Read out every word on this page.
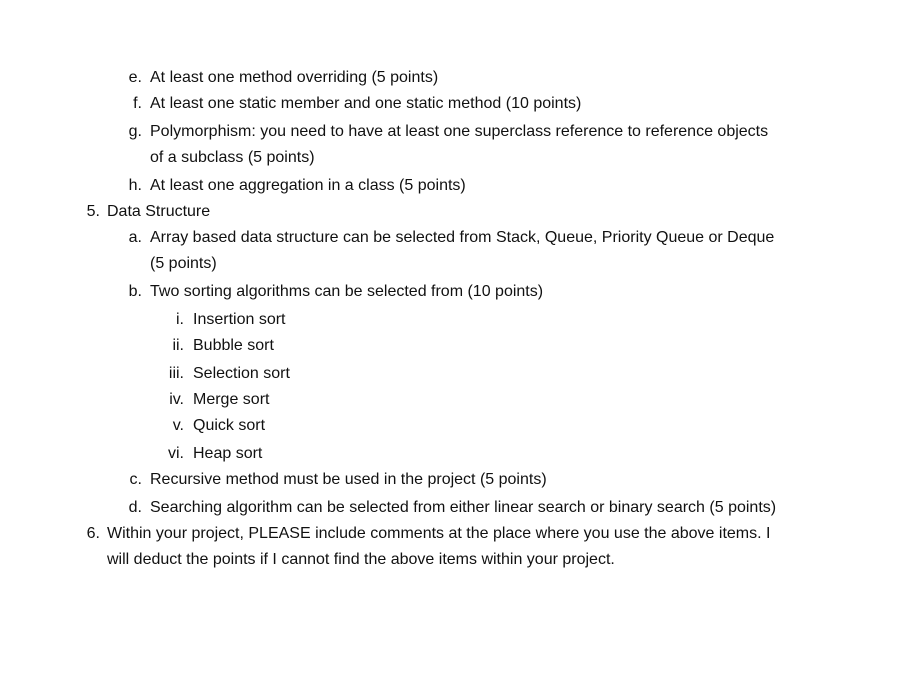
e. At least one method overriding (5 points)
f. At least one static member and one static method (10 points)
g. Polymorphism: you need to have at least one superclass reference to reference objects
of a subclass (5 points)
h. At least one aggregation in a class (5 points)
5. Data Structure
a. Array based data structure can be selected from Stack, Queue, Priority Queue or Deque
(5 points)
b. Two sorting algorithms can be selected from (10 points)
i. Insertion sort
ii. Bubble sort
iii. Selection sort
iv. Merge sort
v. Quick sort
vi. Heap sort
c. Recursive method must be used in the project (5 points)
d. Searching algorithm can be selected from either linear search or binary search (5 points)
6. Within your project, PLEASE include comments at the place where you use the above items. I
will deduct the points if I cannot find the above items within your project.
